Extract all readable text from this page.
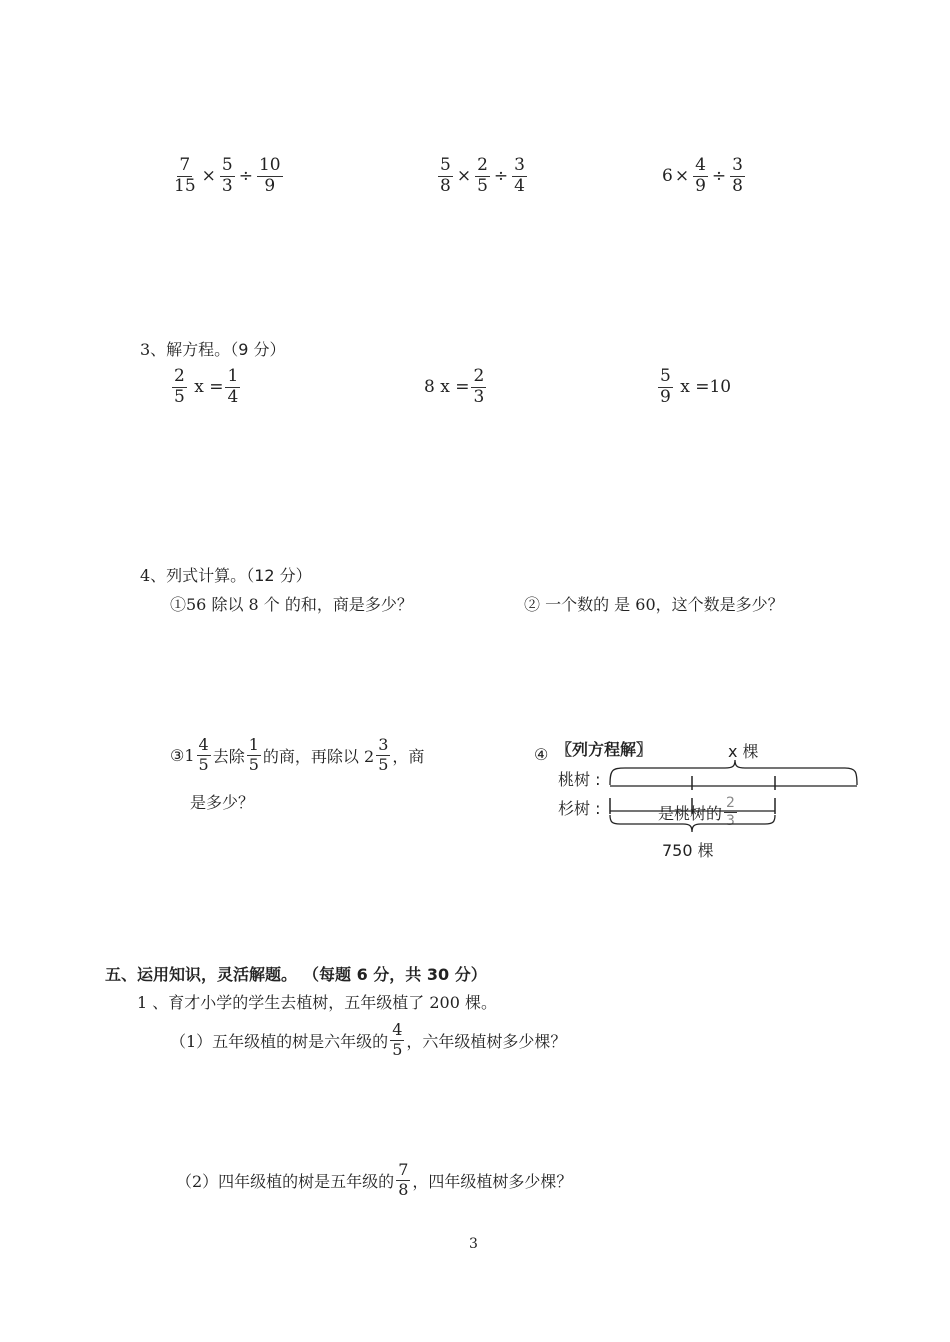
$\frac{7}{15} \times \frac{5}{3} \div \frac{10}{9}$	$\frac{5}{8} \times \frac{2}{5} \div \frac{3}{4}$	$6 \times \frac{4}{9} \div \frac{3}{8}$
3、解方程。（9 分）
$\frac{2}{5}$ $x = \frac{1}{4}$	8 $x = \frac{2}{3}$	$\frac{5}{9}$ x =10
4、列式计算。（12 分）
①56 除以 8 个 的和，商是多少？	② 一个数的 是 60，这个数是多少？
③1 $\frac{4}{5}$ 去除 $\frac{1}{5}$ 的商，再除以 $2 \frac{3}{5}$ ，商
是多少？
④ 〖列方程解〗	x 棵
桃树 :
杉树 :	是桃树的 $\frac{2}{3}$
750 棵
五、运用知识，灵活解题。 （每题 6 分，共 30 分）
1 、育才小学的学生去植树，五年级植了 200 棵。
（1）五年级植的树是六年级的 $\frac{4}{5}$ ，六年级植树多少棵？
（2）四年级植的树是五年级的 $\frac{7}{8}$ ，四年级植树多少棵？
3
